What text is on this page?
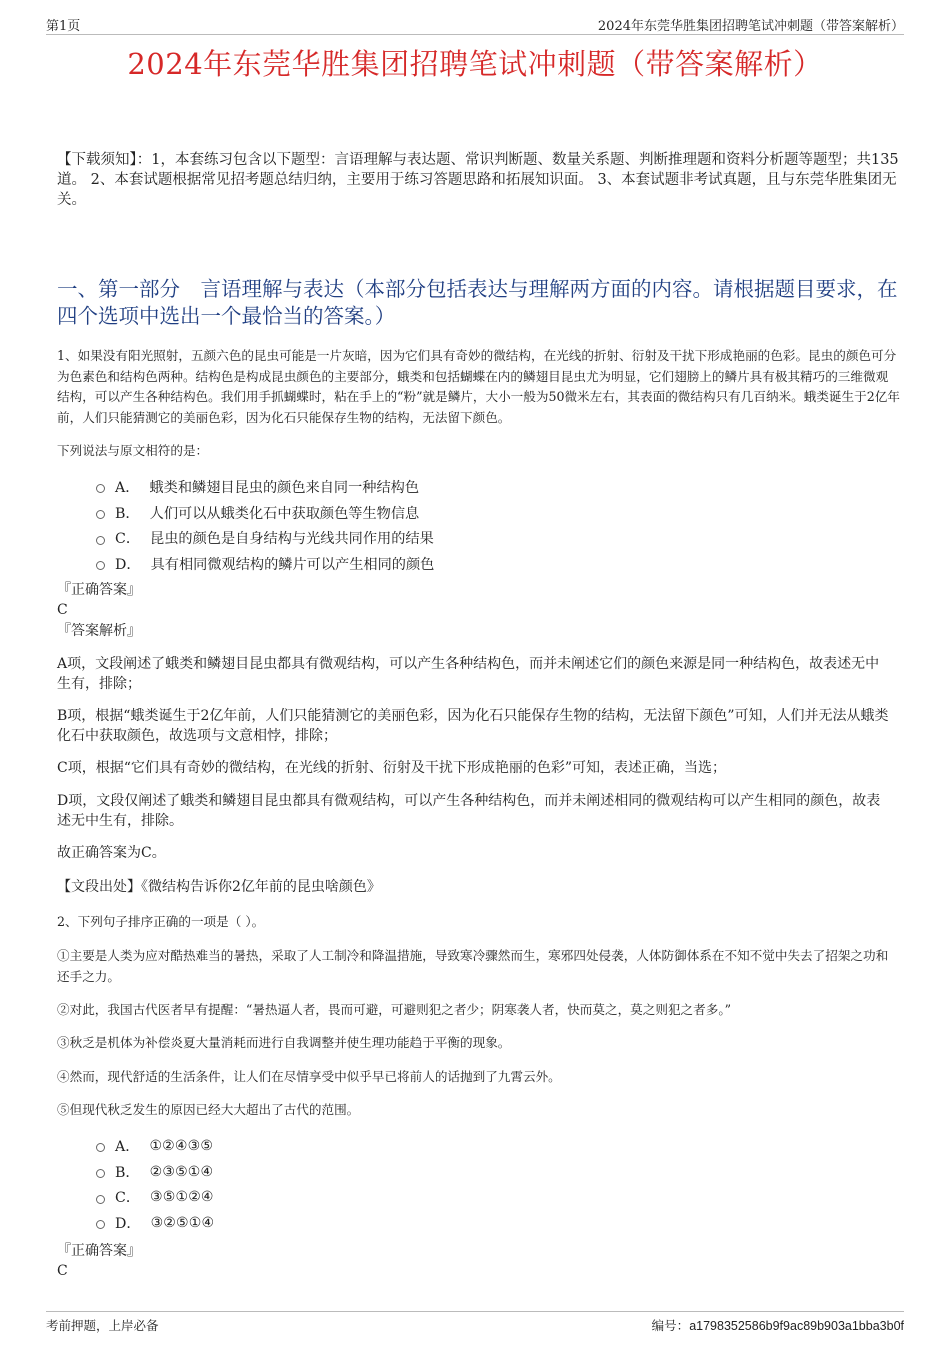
第1页	2024年东莞华胜集团招聘笔试冲刺题（带答案解析）
2024年东莞华胜集团招聘笔试冲刺题（带答案解析）
【下载须知】：1，本套练习包含以下题型：言语理解与表达题、常识判断题、数量关系题、判断推理题和资料分析题等题型；共135道。 2、本套试题根据常见招考题总结归纳，主要用于练习答题思路和拓展知识面。 3、本套试题非考试真题，且与东莞华胜集团无关。
一、第一部分　言语理解与表达（本部分包括表达与理解两方面的内容。请根据题目要求，在四个选项中选出一个最恰当的答案。）

1、如果没有阳光照射，五颜六色的昆虫可能是一片灰暗，因为它们具有奇妙的微结构，在光线的折射、衍射及干扰下形成艳丽的色彩。昆虫的颜色可分为色素色和结构色两种。结构色是构成昆虫颜色的主要部分，蛾类和包括蝴蝶在内的鳞翅目昆虫尤为明显，它们翅膀上的鳞片具有极其精巧的三维微观结构，可以产生各种结构色。我们用手抓蝴蝶时，粘在手上的“粉”就是鳞片，大小一般为50微米左右，其表面的微结构只有几百纳米。蛾类诞生于2亿年前，人们只能猜测它的美丽色彩，因为化石只能保存生物的结构，无法留下颜色。

下列说法与原文相符的是：

A． 蛾类和鳞翅目昆虫的颜色来自同一种结构色
B． 人们可以从蛾类化石中获取颜色等生物信息
C． 昆虫的颜色是自身结构与光线共同作用的结果
D． 具有相同微观结构的鳞片可以产生相同的颜色

『正确答案』

C

『答案解析』

A项，文段阐述了蛾类和鳞翅目昆虫都具有微观结构，可以产生各种结构色，而并未阐述它们的颜色来源是同一种结构色，故表述无中生有，排除；

B项，根据“蛾类诞生于2亿年前，人们只能猜测它的美丽色彩，因为化石只能保存生物的结构，无法留下颜色”可知，人们并无法从蛾类化石中获取颜色，故选项与文意相悖，排除；

C项，根据“它们具有奇妙的微结构，在光线的折射、衍射及干扰下形成艳丽的色彩”可知，表述正确，当选；

D项，文段仅阐述了蛾类和鳞翅目昆虫都具有微观结构，可以产生各种结构色，而并未阐述相同的微观结构可以产生相同的颜色，故表述无中生有，排除。

故正确答案为C。

【文段出处】《微结构告诉你2亿年前的昆虫啥颜色》

2、下列句子排序正确的一项是（ ）。

①主要是人类为应对酷热难当的暑热，采取了人工制冷和降温措施，导致寒冷骤然而生，寒邪四处侵袭，人体防御体系在不知不觉中失去了招架之功和还手之力。

②对此，我国古代医者早有提醒：“暑热逼人者，畏而可避，可避则犯之者少；阴寒袭人者，快而莫之，莫之则犯之者多。”

③秋乏是机体为补偿炎夏大量消耗而进行自我调整并使生理功能趋于平衡的现象。

④然而，现代舒适的生活条件，让人们在尽情享受中似乎早已将前人的话抛到了九霄云外。

⑤但现代秋乏发生的原因已经大大超出了古代的范围。

A． ①②④③⑤
B． ②③⑤①④
C． ③⑤①②④
D． ③②⑤①④

『正确答案』

C

考前押题，上岸必备	编号：a1798352586b9f9ac89b903a1bba3b0f
